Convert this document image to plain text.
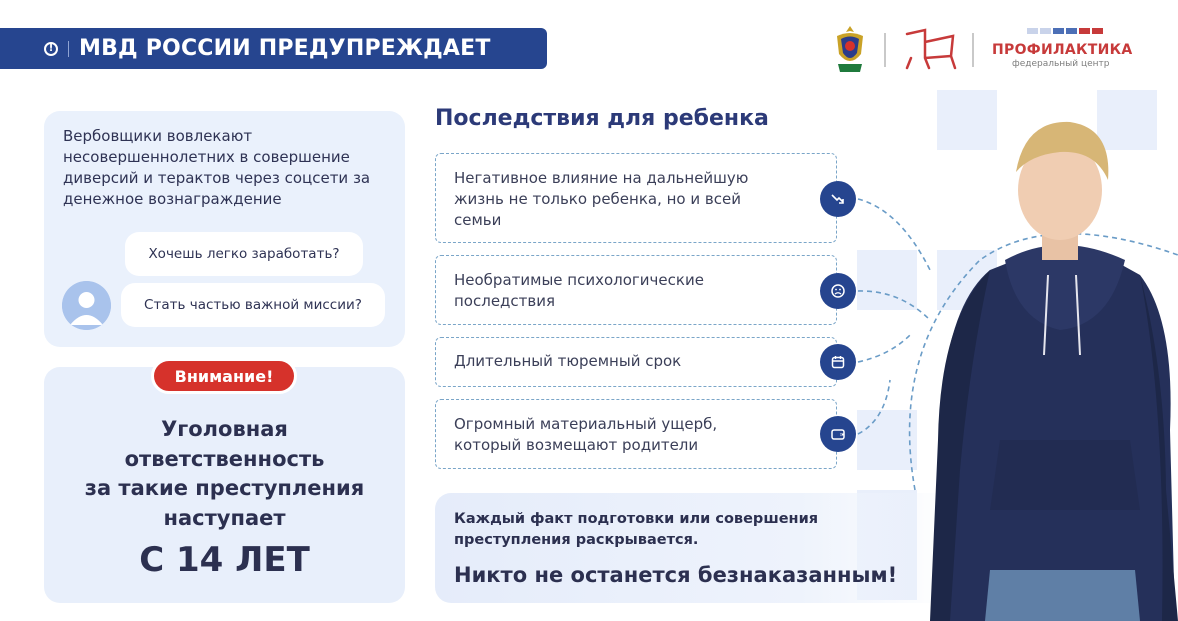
! МВД РОССИИ ПРЕДУПРЕЖДАЕТ	ПРОФИЛАКТИКА
федеральный центр
Вербовщики вовлекают несовершеннолетних в совершение диверсий и терактов через соцсети за денежное вознаграждение
Хочешь легко заработать?
Стать частью важной миссии?
Уголовная
ответственность
за такие преступления
наступает
С 14 ЛЕТ
Внимание!
Последствия для ребенка
Негативное влияние на дальнейшую
жизнь не только ребенка, но и всей
семьи
Необратимые психологические
последствия
Длительный тюремный срок
Огромный материальный ущерб,
который возмещают родители
Каждый факт подготовки или совершения
преступления раскрывается.
Никто не останется безнаказанным!
